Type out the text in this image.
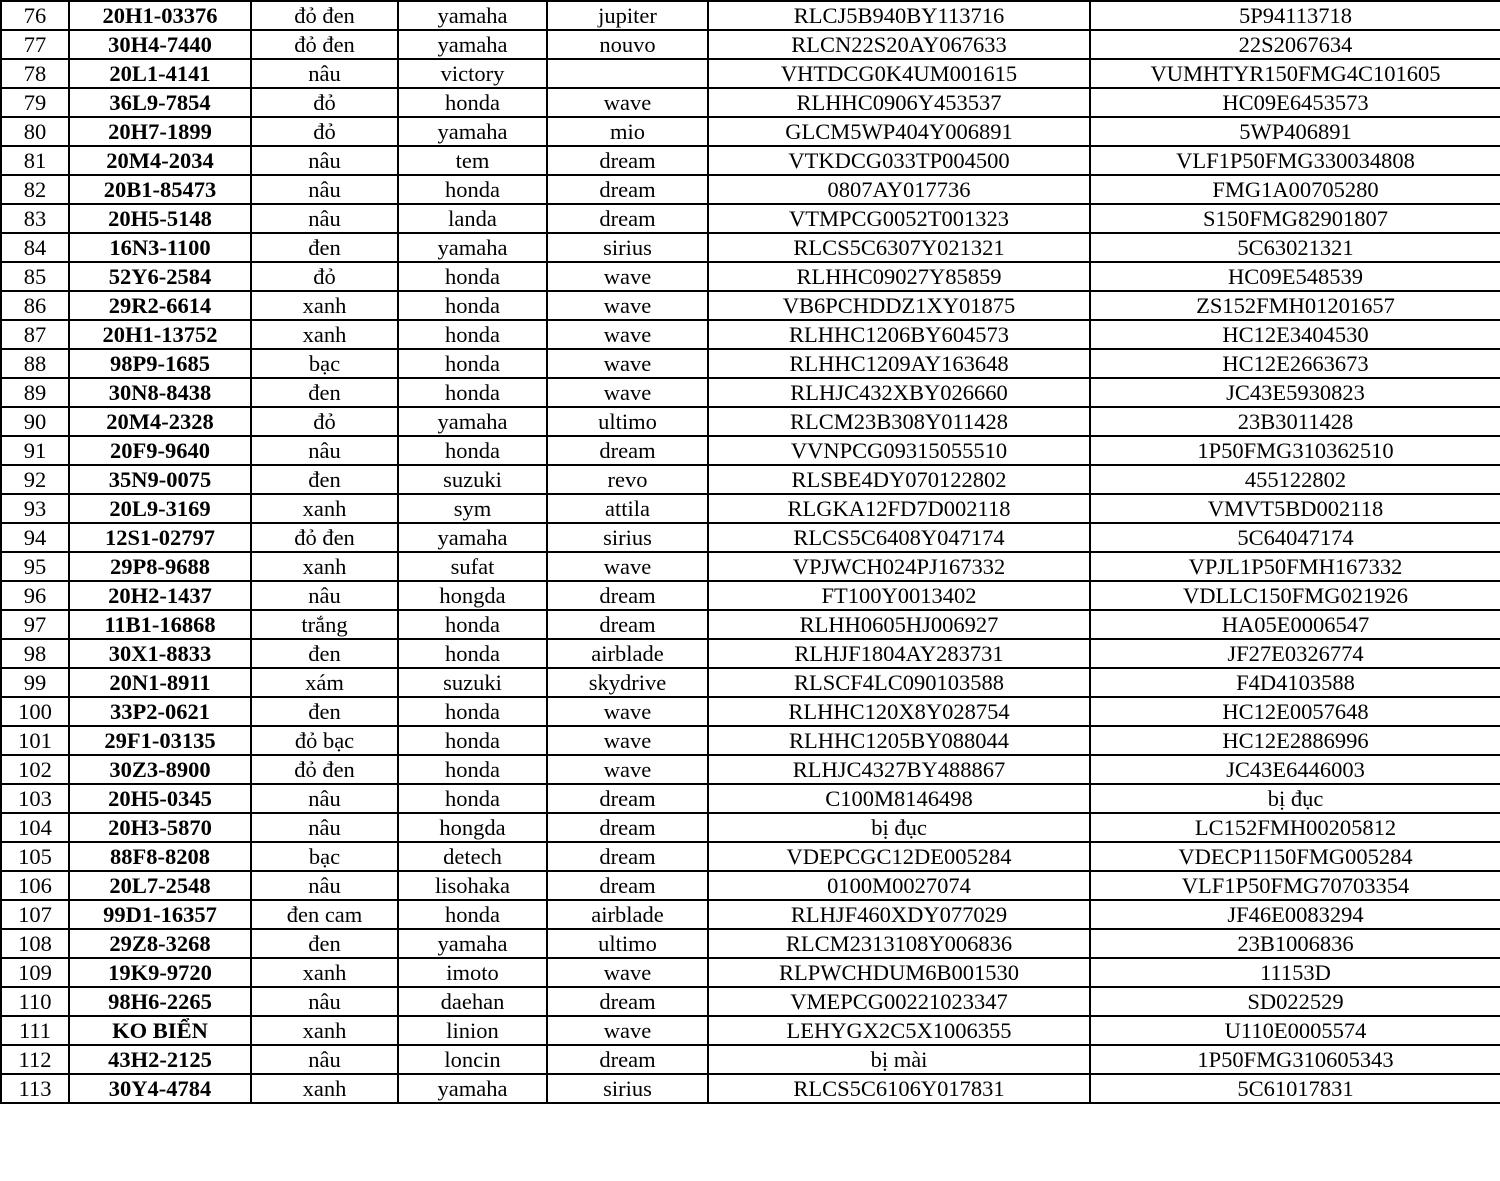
76	20H1-03376	đỏ đen	yamaha	jupiter	RLCJ5B940BY113716	5P94113718
77	30H4-7440	đỏ đen	yamaha	nouvo	RLCN22S20AY067633	22S2067634
78	20L1-4141	nâu	victory		VHTDCG0K4UM001615	VUMHTYR150FMG4C101605
79	36L9-7854	đỏ	honda	wave	RLHHC0906Y453537	HC09E6453573
80	20H7-1899	đỏ	yamaha	mio	GLCM5WP404Y006891	5WP406891
81	20M4-2034	nâu	tem	dream	VTKDCG033TP004500	VLF1P50FMG330034808
82	20B1-85473	nâu	honda	dream	0807AY017736	FMG1A00705280
83	20H5-5148	nâu	landa	dream	VTMPCG0052T001323	S150FMG82901807
84	16N3-1100	đen	yamaha	sirius	RLCS5C6307Y021321	5C63021321
85	52Y6-2584	đỏ	honda	wave	RLHHC09027Y85859	HC09E548539
86	29R2-6614	xanh	honda	wave	VB6PCHDDZ1XY01875	ZS152FMH01201657
87	20H1-13752	xanh	honda	wave	RLHHC1206BY604573	HC12E3404530
88	98P9-1685	bạc	honda	wave	RLHHC1209AY163648	HC12E2663673
89	30N8-8438	đen	honda	wave	RLHJC432XBY026660	JC43E5930823
90	20M4-2328	đỏ	yamaha	ultimo	RLCM23B308Y011428	23B3011428
91	20F9-9640	nâu	honda	dream	VVNPCG09315055510	1P50FMG310362510
92	35N9-0075	đen	suzuki	revo	RLSBE4DY070122802	455122802
93	20L9-3169	xanh	sym	attila	RLGKA12FD7D002118	VMVT5BD002118
94	12S1-02797	đỏ đen	yamaha	sirius	RLCS5C6408Y047174	5C64047174
95	29P8-9688	xanh	sufat	wave	VPJWCH024PJ167332	VPJL1P50FMH167332
96	20H2-1437	nâu	hongda	dream	FT100Y0013402	VDLLC150FMG021926
97	11B1-16868	trắng	honda	dream	RLHH0605HJ006927	HA05E0006547
98	30X1-8833	đen	honda	airblade	RLHJF1804AY283731	JF27E0326774
99	20N1-8911	xám	suzuki	skydrive	RLSCF4LC090103588	F4D4103588
100	33P2-0621	đen	honda	wave	RLHHC120X8Y028754	HC12E0057648
101	29F1-03135	đỏ bạc	honda	wave	RLHHC1205BY088044	HC12E2886996
102	30Z3-8900	đỏ đen	honda	wave	RLHJC4327BY488867	JC43E6446003
103	20H5-0345	nâu	honda	dream	C100M8146498	bị đục
104	20H3-5870	nâu	hongda	dream	bị đục	LC152FMH00205812
105	88F8-8208	bạc	detech	dream	VDEPCGC12DE005284	VDECP1150FMG005284
106	20L7-2548	nâu	lisohaka	dream	0100M0027074	VLF1P50FMG70703354
107	99D1-16357	đen cam	honda	airblade	RLHJF460XDY077029	JF46E0083294
108	29Z8-3268	đen	yamaha	ultimo	RLCM2313108Y006836	23B1006836
109	19K9-9720	xanh	imoto	wave	RLPWCHDUM6B001530	11153D
110	98H6-2265	nâu	daehan	dream	VMEPCG00221023347	SD022529
111	KO BIỂN	xanh	linion	wave	LEHYGX2C5X1006355	U110E0005574
112	43H2-2125	nâu	loncin	dream	bị mài	1P50FMG310605343
113	30Y4-4784	xanh	yamaha	sirius	RLCS5C6106Y017831	5C61017831
